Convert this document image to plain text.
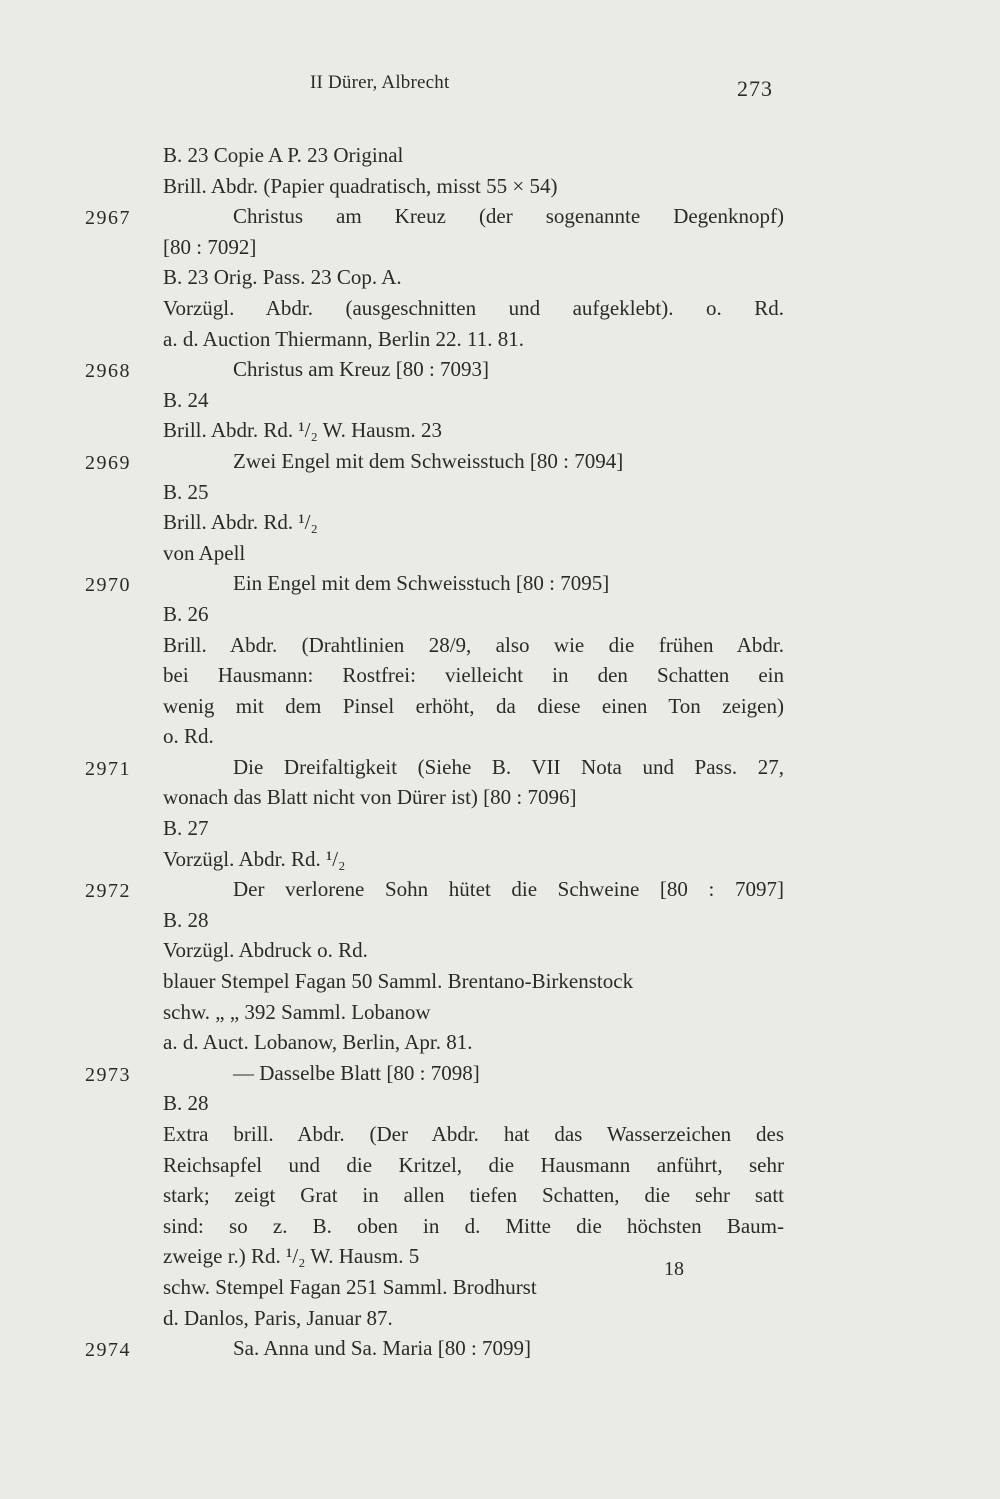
II Dürer, Albrecht	273
B. 23 Copie A P. 23 Original
Brill. Abdr. (Papier quadratisch, misst 55 × 54)
2967	Christus am Kreuz (der sogenannte Degenknopf)
[80 : 7092]
B. 23 Orig. Pass. 23 Cop. A.
Vorzügl. Abdr. (ausgeschnitten und aufgeklebt). o. Rd.
a. d. Auction Thiermann, Berlin 22. 11. 81.
2968	Christus am Kreuz [80 : 7093]
B. 24
Brill. Abdr. Rd. ¹/₂ W. Hausm. 23
2969	Zwei Engel mit dem Schweisstuch [80 : 7094]
B. 25
Brill. Abdr. Rd. ¹/₂
von Apell
2970	Ein Engel mit dem Schweisstuch [80 : 7095]
B. 26
Brill. Abdr. (Drahtlinien 28/9, also wie die frühen Abdr.
bei Hausmann: Rostfrei: vielleicht in den Schatten ein
wenig mit dem Pinsel erhöht, da diese einen Ton zeigen)
o. Rd.
2971	Die Dreifaltigkeit (Siehe B. VII Nota und Pass. 27,
wonach das Blatt nicht von Dürer ist) [80 : 7096]
B. 27
Vorzügl. Abdr. Rd. ¹/₂
2972	Der verlorene Sohn hütet die Schweine [80 : 7097]
B. 28
Vorzügl. Abdruck o. Rd.
blauer Stempel Fagan 50 Samml. Brentano-Birkenstock
schw. „ „ 392 Samml. Lobanow
a. d. Auct. Lobanow, Berlin, Apr. 81.
2973	— Dasselbe Blatt [80 : 7098]
B. 28
Extra brill. Abdr. (Der Abdr. hat das Wasserzeichen des
Reichsapfel und die Kritzel, die Hausmann anführt, sehr
stark; zeigt Grat in allen tiefen Schatten, die sehr satt
sind: so z. B. oben in d. Mitte die höchsten Baum-
zweige r.) Rd. ¹/₂ W. Hausm. 5
schw. Stempel Fagan 251 Samml. Brodhurst
d. Danlos, Paris, Januar 87.
2974	Sa. Anna und Sa. Maria [80 : 7099]
18
